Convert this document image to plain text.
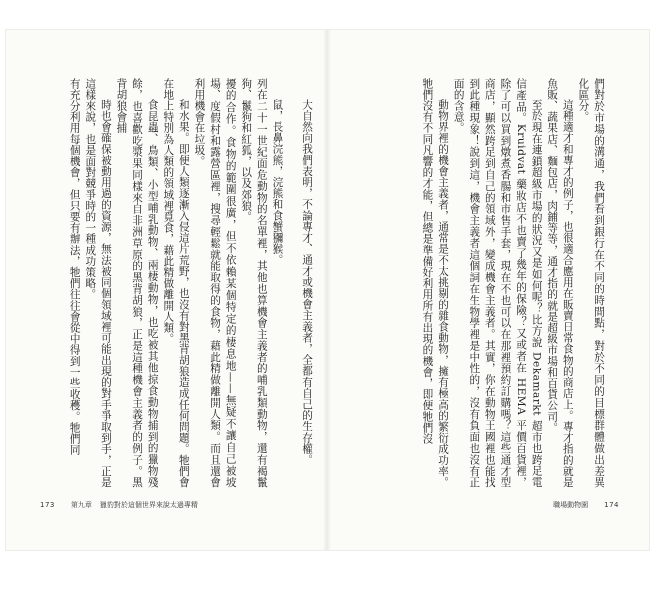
大自然向我們表明，不論專才、通才或機會主義者，全都有自己的生存權。

鼠，長鼻浣熊，浣熊和食蟹獼猴。

列在二十一世紀面危動物的名單裡，其他也算機會主義者的哺乳類動物，還有褐鬣狗、鬣狗和紅狐，以及郊狼。

擾的合作。食物的範圍很廣，但不依賴某個特定的棲息地——無疑不讓自己被坡場、度假村和露營區裡，搜尋輕鬆就能取得的食物，藉此精做離開人類。而且還會利用機會在垃圾。

和水果。即便人類逐漸入侵這片荒野，也沒有對黑背胡狼造成任何問題。牠們會在地上特別為人類的領域裡覓食，藉此精做離開人類。

食昆蟲、鳥類、小型哺乳動物、兩棲動物，也吃被其他掠食動物捕到的獵物殘餘，也喜歡吃漿果同樣來自非洲草原的黑背胡狼，正是這種機會主義者的例子。黑背胡狼會捕

時也會確保被動用過的資源，無法被同個領域裡可能出現的對手爭取到手，正是這樣來說，也是面對競爭時的一種成功策略。

有充分利用每個機會，但只要有辦法，牠們往往會從中得到一些收穫。牠們同	們對於市場的溝通，我們看到銀行在不同的時間點，對於不同的目標群體做出差異化區分。

這種適才和專才的例子，也很適合應用在販賣日常食物的商店上。專才指的就是魚販、蔬果店、麵包店，肉鋪等等，通才指的就是超級市場和百貨公司。

至於現在連鎖超級市場的狀況又是如何呢？比方說 Dekamarkt 超市也跨足電信產品。Kruidvat 藥妝店不也賣了幾年的保險？又或者在 HEMA 平價百貨裡，除了可以買到燉煮香腸和市售手套，現在不也可以在那裡預約訂購嗎？這些通才型商店，顯然跨足到自己的領域外，變成機會主義者。其實，你在動物王國裡也能找到此種現象！說到這，機會主義者這個詞在生物學裡是中性的，沒有負面也沒有正面的含意。

動物界裡的機會主義者，通常是不太挑剔的雜食動物，擁有極高的繁衍成功率。牠們沒有不同凡響的才能，但總是準備好利用所有出現的機會，即便牠們沒

173 第九章 獵豹對於這個世界來說太過專精	職場動物園 174
